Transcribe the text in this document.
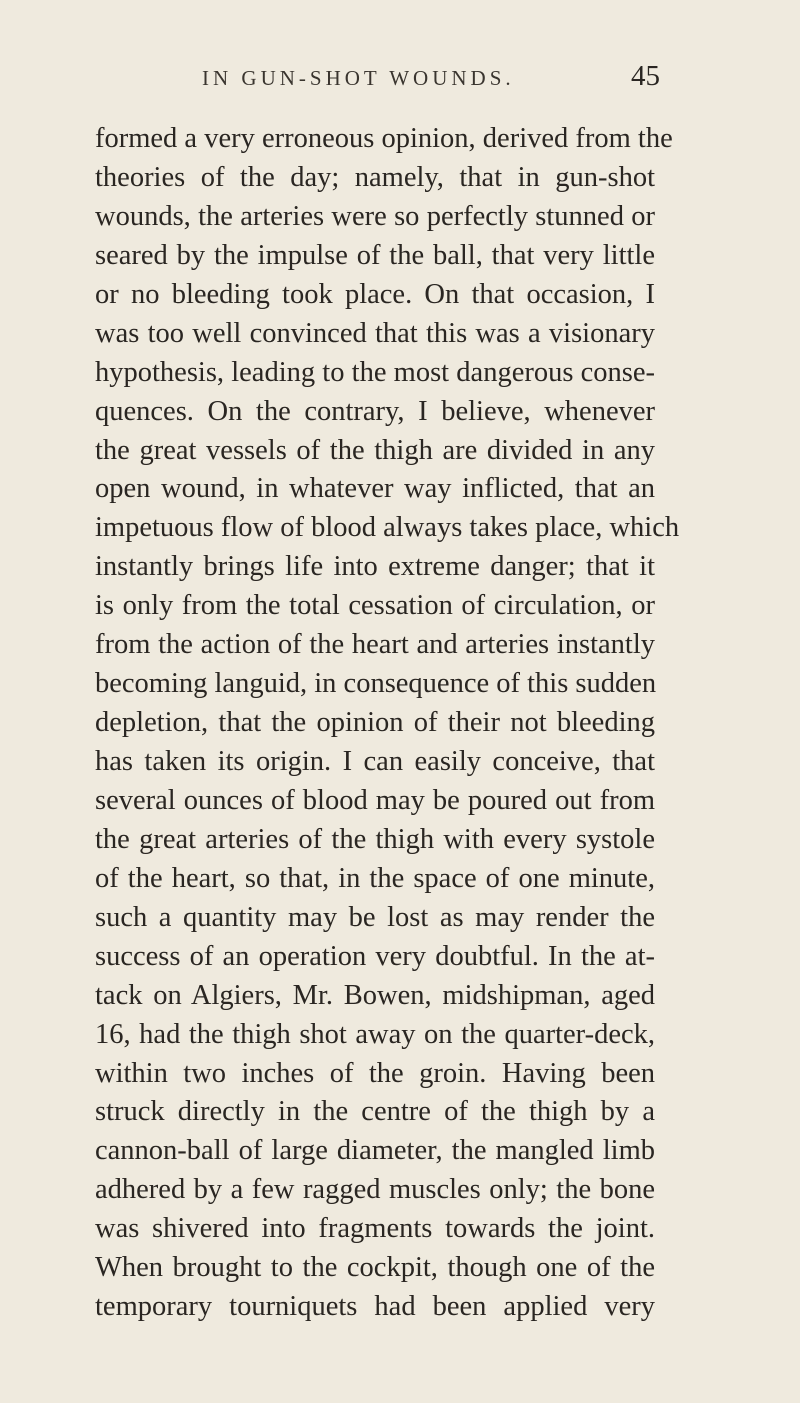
IN GUN-SHOT WOUNDS.	45
formed a very erroneous opinion, derived from the
theories of the day; namely, that in gun-shot
wounds, the arteries were so perfectly stunned or
seared by the impulse of the ball, that very little
or no bleeding took place. On that occasion, I
was too well convinced that this was a visionary
hypothesis, leading to the most dangerous conse-
quences. On the contrary, I believe, whenever
the great vessels of the thigh are divided in any
open wound, in whatever way inflicted, that an
impetuous flow of blood always takes place, which
instantly brings life into extreme danger; that it
is only from the total cessation of circulation, or
from the action of the heart and arteries instantly
becoming languid, in consequence of this sudden
depletion, that the opinion of their not bleeding
has taken its origin. I can easily conceive, that
several ounces of blood may be poured out from
the great arteries of the thigh with every systole
of the heart, so that, in the space of one minute,
such a quantity may be lost as may render the
success of an operation very doubtful. In the at-
tack on Algiers, Mr. Bowen, midshipman, aged
16, had the thigh shot away on the quarter-deck,
within two inches of the groin. Having been
struck directly in the centre of the thigh by a
cannon-ball of large diameter, the mangled limb
adhered by a few ragged muscles only; the bone
was shivered into fragments towards the joint.
When brought to the cockpit, though one of the
temporary tourniquets had been applied very
